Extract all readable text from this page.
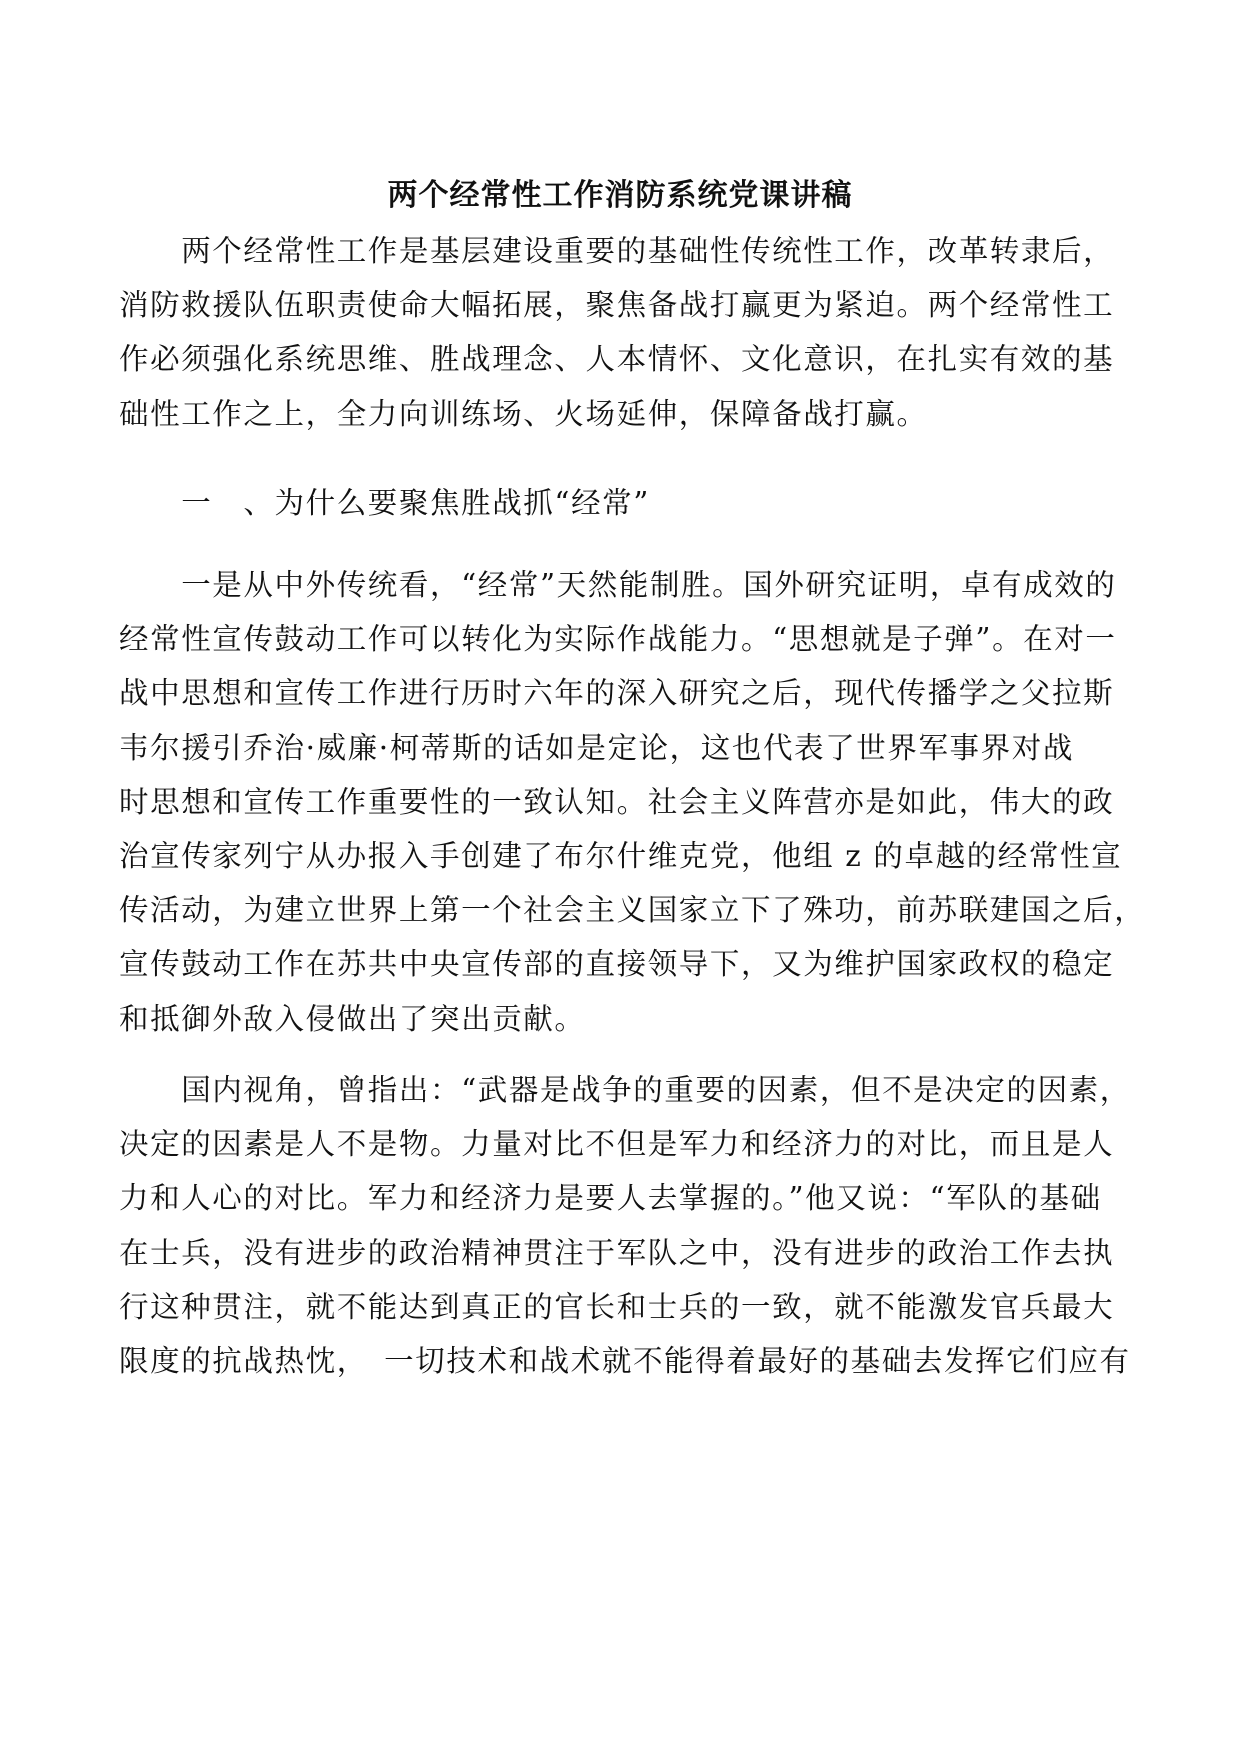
两个经常性工作消防系统党课讲稿
　　两个经常性工作是基层建设重要的基础性传统性工作，改革转隶后，
消防救援队伍职责使命大幅拓展，聚焦备战打赢更为紧迫。两个经常性工
作必须强化系统思维、胜战理念、人本情怀、文化意识，在扎实有效的基
础性工作之上，全力向训练场、火场延伸，保障备战打赢。
　　一　、为什么要聚焦胜战抓“经常”
　　一是从中外传统看，“经常”天然能制胜。国外研究证明，卓有成效的
经常性宣传鼓动工作可以转化为实际作战能力。“思想就是子弹”。在对一
战中思想和宣传工作进行历时六年的深入研究之后，现代传播学之父拉斯
韦尔援引乔治·威廉·柯蒂斯的话如是定论，这也代表了世界军事界对战
时思想和宣传工作重要性的一致认知。社会主义阵营亦是如此，伟大的政
治宣传家列宁从办报入手创建了布尔什维克党，他组 z 的卓越的经常性宣
传活动，为建立世界上第一个社会主义国家立下了殊功，前苏联建国之后，
宣传鼓动工作在苏共中央宣传部的直接领导下，又为维护国家政权的稳定
和抵御外敌入侵做出了突出贡献。
　　国内视角，曾指出：“武器是战争的重要的因素，但不是决定的因素，
决定的因素是人不是物。力量对比不但是军力和经济力的对比，而且是人
力和人心的对比。军力和经济力是要人去掌握的。”他又说：“军队的基础
在士兵，没有进步的政治精神贯注于军队之中，没有进步的政治工作去执
行这种贯注，就不能达到真正的官长和士兵的一致，就不能激发官兵最大
限度的抗战热忱，　一切技术和战术就不能得着最好的基础去发挥它们应有
